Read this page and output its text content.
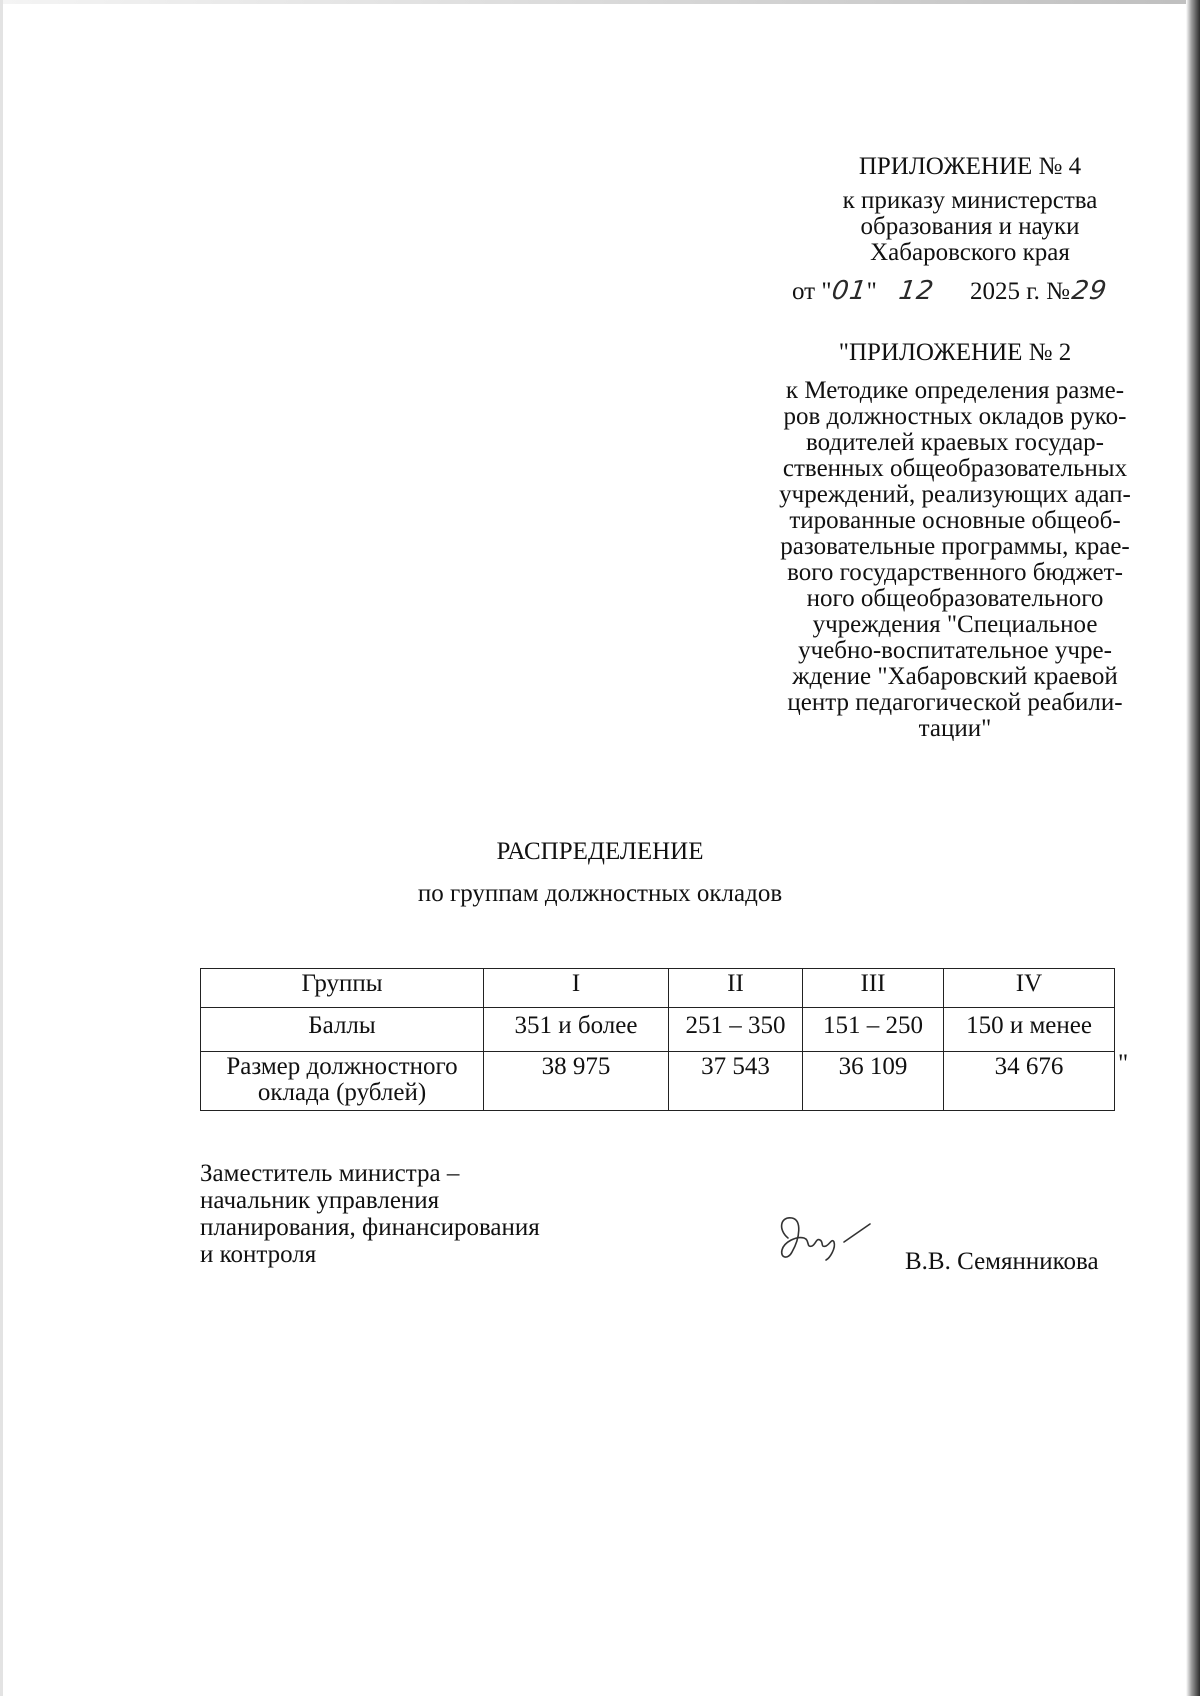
ПРИЛОЖЕНИЕ № 4
к приказу министерства
образования и науки
Хабаровского края
от "01" 12 2025 г. №29
"ПРИЛОЖЕНИЕ № 2
к Методике определения разме-
ров должностных окладов руко-
водителей краевых государ-
ственных общеобразовательных
учреждений, реализующих адап-
тированные основные общеоб-
разовательные программы, крае-
вого государственного бюджет-
ного общеобразовательного
учреждения "Специальное
учебно-воспитательное учре-
ждение "Хабаровский краевой
центр педагогической реабили-
тации"
РАСПРЕДЕЛЕНИЕ
по группам должностных окладов
Группы	I	II	III	IV
Баллы	351 и более	251 – 350	151 – 250	150 и менее
Размер должностного оклада (рублей)	38 975	37 543	36 109	34 676 "
Заместитель министра –
начальник управления
планирования, финансирования
и контроля	В.В. Семянникова
